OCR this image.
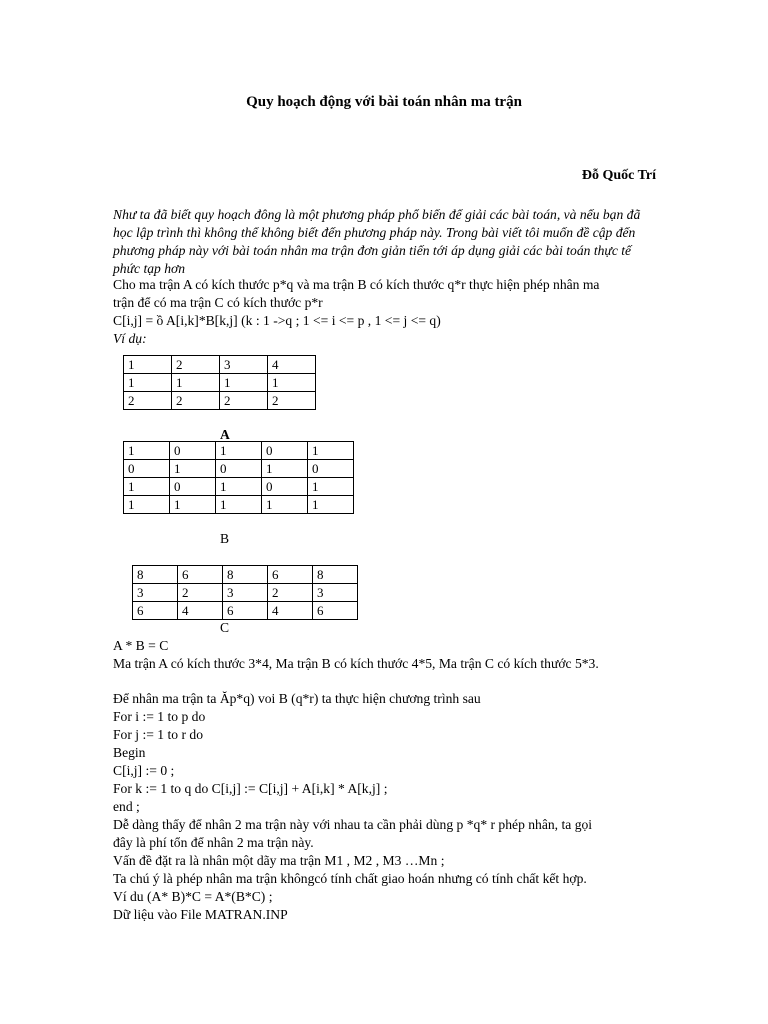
Quy hoạch động với bài toán nhân ma trận
Đỗ Quốc Trí
Như ta đã biết quy hoạch đông là một phương pháp phổ biến để giải các bài toán, và nếu bạn đã học lập trình thì không thể không biết đến phương pháp này. Trong bài viết tôi muốn đề cập đến phương pháp này với bài toán nhân ma trận đơn giản tiến tới áp dụng giải các bài toán thực tế phức tạp hơn
Cho ma trận A có kích thước p*q và ma trận B có kích thước q*r thực hiện phép nhân ma
trận để có ma trận C có kích thước p*r
C[i,j] = ồ A[i,k]*B[k,j] (k : 1 ->q ; 1 <= i <= p , 1 <= j <= q)
Ví dụ:
1	2	3	4
1	1	1	1
2	2	2	2
A
1	0	1	0	1
0	1	0	1	0
1	0	1	0	1
1	1	1	1	1
B
8	6	8	6	8
3	2	3	2	3
6	4	6	4	6
C
A * B = C
Ma trận A có kích thước 3*4, Ma trận B có kích thước 4*5, Ma trận C có kích thước 5*3.
Để nhân ma trận ta Ăp*q) voi B (q*r) ta thực hiện chương trình sau
For i := 1 to p do
For j := 1 to r do
Begin
C[i,j] := 0 ;
For k := 1 to q do C[i,j] := C[i,j] + A[i,k] * A[k,j] ;
end ;
Dễ dàng thấy để nhân 2 ma trận này với nhau ta cần phải dùng p *q* r phép nhân, ta gọi
đây là phí tổn để nhân 2 ma trận này.
Vấn đề đặt ra là nhân một dãy ma trận M1 , M2 , M3 …Mn ;
Ta chú ý là phép nhân ma trận khôngcó tính chất giao hoán nhưng có tính chất kết hợp.
Ví du (A* B)*C = A*(B*C) ;
Dữ liệu vào File MATRAN.INP
